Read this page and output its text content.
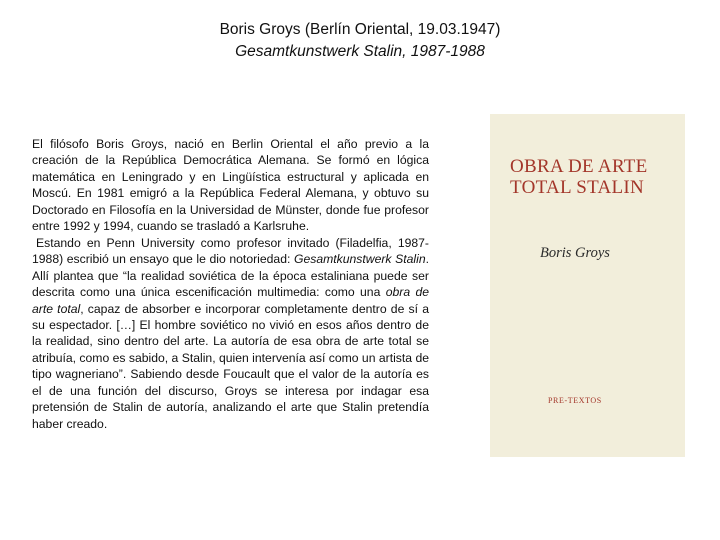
Boris Groys (Berlín Oriental, 19.03.1947)
Gesamtkunstwerk Stalin, 1987-1988

El filósofo Boris Groys, nació en Berlin Oriental el año previo a la creación de la República Democrática Alemana. Se formó en lógica matemática en Leningrado y en Lingüística estructural y aplicada en Moscú. En 1981 emigró a la República Federal Alemana, y obtuvo su Doctorado en Filosofía en la Universidad de Münster, donde fue profesor entre 1992 y 1994, cuando se trasladó a Karlsruhe.

Estando en Penn University como profesor invitado (Filadelfia, 1987-1988) escribió un ensayo que le dio notoriedad: Gesamtkunstwerk Stalin. Allí plantea que “la realidad soviética de la época estaliniana puede ser descrita como una única escenificación multimedia: como una obra de arte total, capaz de absorber e incorporar completamente dentro de sí a su espectador. […] El hombre soviético no vivió en esos años dentro de la realidad, sino dentro del arte. La autoría de esa obra de arte total se atribuía, como es sabido, a Stalin, quien intervenía así como un artista de tipo wagneriano”. Sabiendo desde Foucault que el valor de la autoría es el de una función del discurso, Groys se interesa por indagar esa pretensión de Stalin de autoría, analizando el arte que Stalin pretendía haber creado.

OBRA DE ARTE
TOTAL STALIN
Boris Groys
PRE-TEXTOS
